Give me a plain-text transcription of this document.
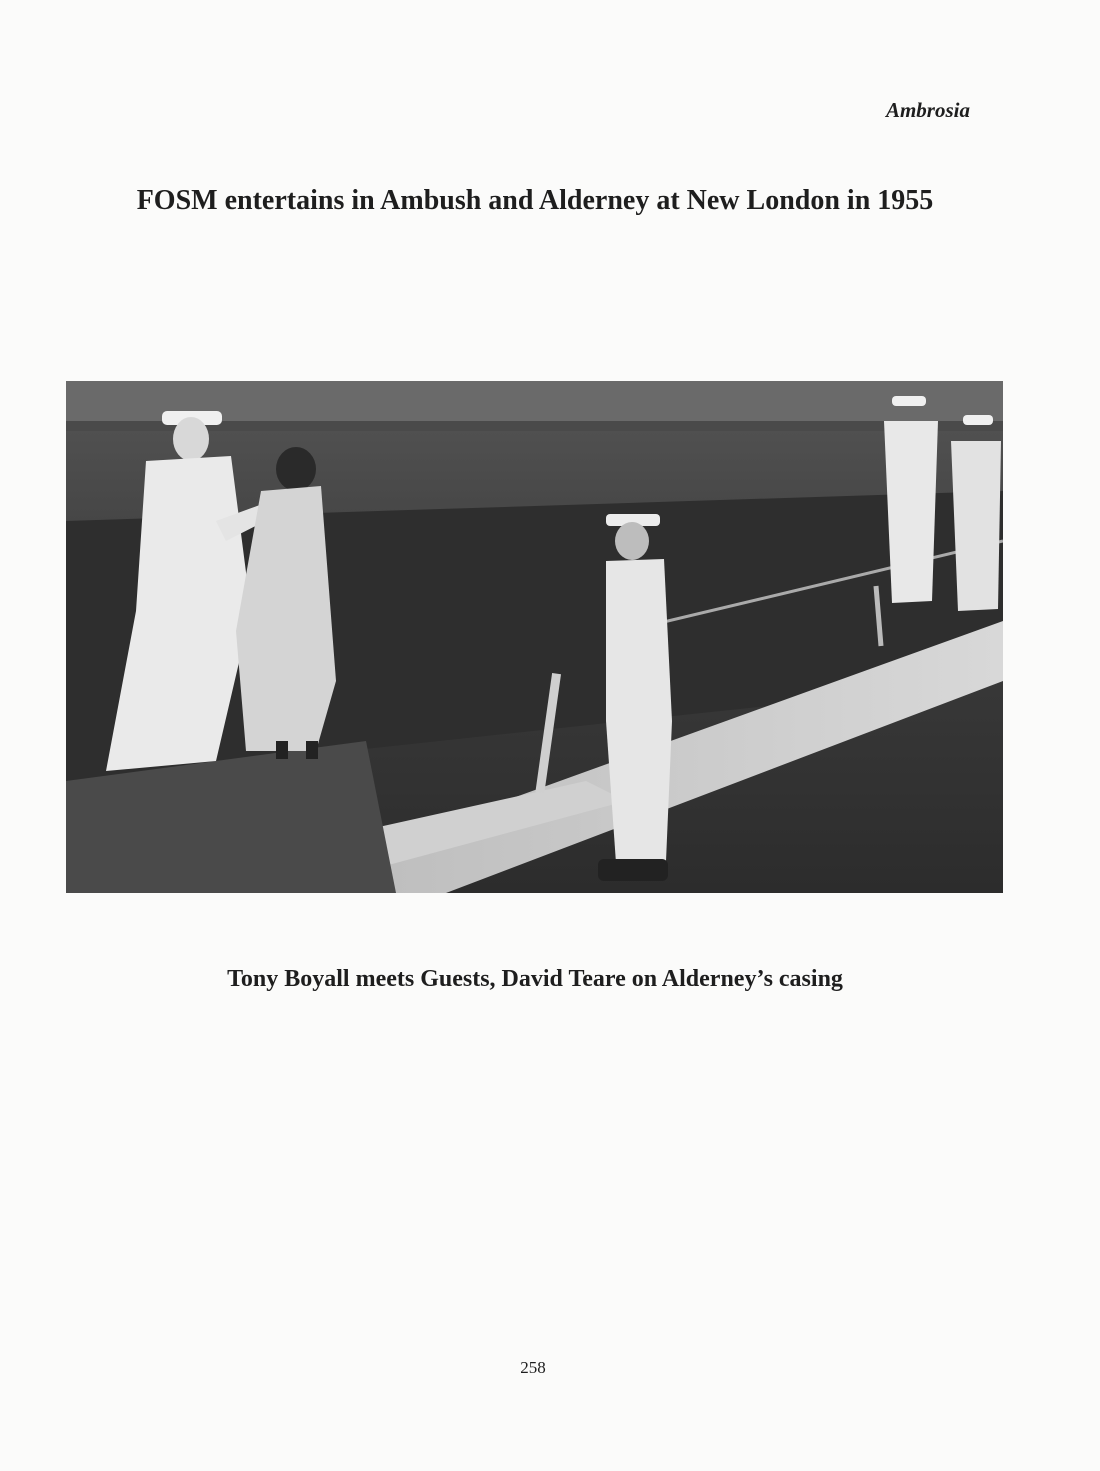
Ambrosia
FOSM entertains in Ambush and Alderney at New London in 1955

Tony Boyall meets Guests, David Teare on Alderney’s casing

258
